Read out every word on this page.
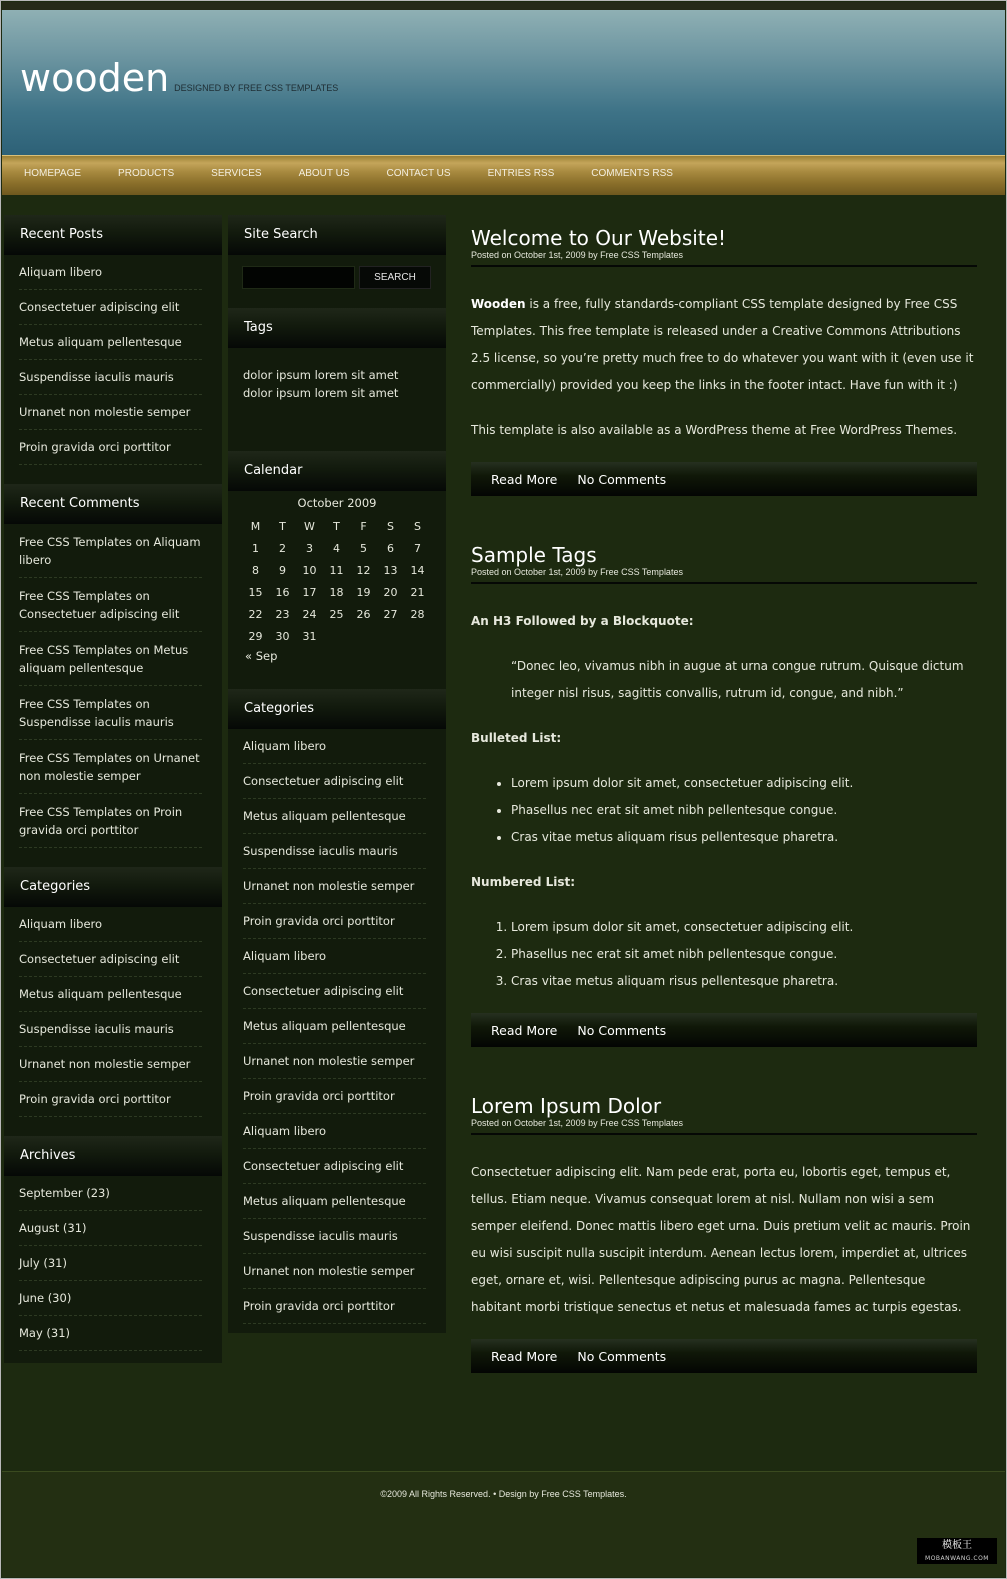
wooden DESIGNED BY FREE CSS TEMPLATES
HOMEPAGE	PRODUCTS	SERVICES	ABOUT US	CONTACT US	ENTRIES RSS	COMMENTS RSS
Recent Posts
Aliquam libero
Consectetuer adipiscing elit
Metus aliquam pellentesque
Suspendisse iaculis mauris
Urnanet non molestie semper
Proin gravida orci porttitor
Recent Comments
Free CSS Templates on Aliquam libero
Free CSS Templates on Consectetuer adipiscing elit
Free CSS Templates on Metus aliquam pellentesque
Free CSS Templates on Suspendisse iaculis mauris
Free CSS Templates on Urnanet non molestie semper
Free CSS Templates on Proin gravida orci porttitor
Categories
Aliquam libero
Consectetuer adipiscing elit
Metus aliquam pellentesque
Suspendisse iaculis mauris
Urnanet non molestie semper
Proin gravida orci porttitor
Archives
September (23)
August (31)
July (31)
June (30)
May (31)
Site Search
SEARCH
Tags
dolor ipsum lorem sit amet dolor ipsum lorem sit amet
Calendar
October 2009
M	T	W	T	F	S	S
1	2	3	4	5	6	7
8	9	10	11	12	13	14
15	16	17	18	19	20	21
22	23	24	25	26	27	28
29	30	31				
« Sep
Categories
Aliquam libero
Consectetuer adipiscing elit
Metus aliquam pellentesque
Suspendisse iaculis mauris
Urnanet non molestie semper
Proin gravida orci porttitor
Aliquam libero
Consectetuer adipiscing elit
Metus aliquam pellentesque
Urnanet non molestie semper
Proin gravida orci porttitor
Aliquam libero
Consectetuer adipiscing elit
Metus aliquam pellentesque
Suspendisse iaculis mauris
Urnanet non molestie semper
Proin gravida orci porttitor
Welcome to Our Website!
Posted on October 1st, 2009 by Free CSS Templates

Wooden is a free, fully standards-compliant CSS template designed by Free CSS Templates. This free template is released under a Creative Commons Attributions 2.5 license, so you’re pretty much free to do whatever you want with it (even use it commercially) provided you keep the links in the footer intact. Have fun with it :)

This template is also available as a WordPress theme at Free WordPress Themes.

Read More No Comments
Sample Tags
Posted on October 1st, 2009 by Free CSS Templates
An H3 Followed by a Blockquote:
“Donec leo, vivamus nibh in augue at urna congue rutrum. Quisque dictum integer nisl risus, sagittis convallis, rutrum id, congue, and nibh.”
Bulleted List:
• Lorem ipsum dolor sit amet, consectetuer adipiscing elit.
• Phasellus nec erat sit amet nibh pellentesque congue.
• Cras vitae metus aliquam risus pellentesque pharetra.
Numbered List:
1. Lorem ipsum dolor sit amet, consectetuer adipiscing elit.
2. Phasellus nec erat sit amet nibh pellentesque congue.
3. Cras vitae metus aliquam risus pellentesque pharetra.
Read More No Comments
Lorem Ipsum Dolor
Posted on October 1st, 2009 by Free CSS Templates

Consectetuer adipiscing elit. Nam pede erat, porta eu, lobortis eget, tempus et, tellus. Etiam neque. Vivamus consequat lorem at nisl. Nullam non wisi a sem semper eleifend. Donec mattis libero eget urna. Duis pretium velit ac mauris. Proin eu wisi suscipit nulla suscipit interdum. Aenean lectus lorem, imperdiet at, ultrices eget, ornare et, wisi. Pellentesque adipiscing purus ac magna. Pellentesque habitant morbi tristique senectus et netus et malesuada fames ac turpis egestas.

Read More No Comments

©2009 All Rights Reserved. • Design by Free CSS Templates.

模板王
MOBANWANG.COM
